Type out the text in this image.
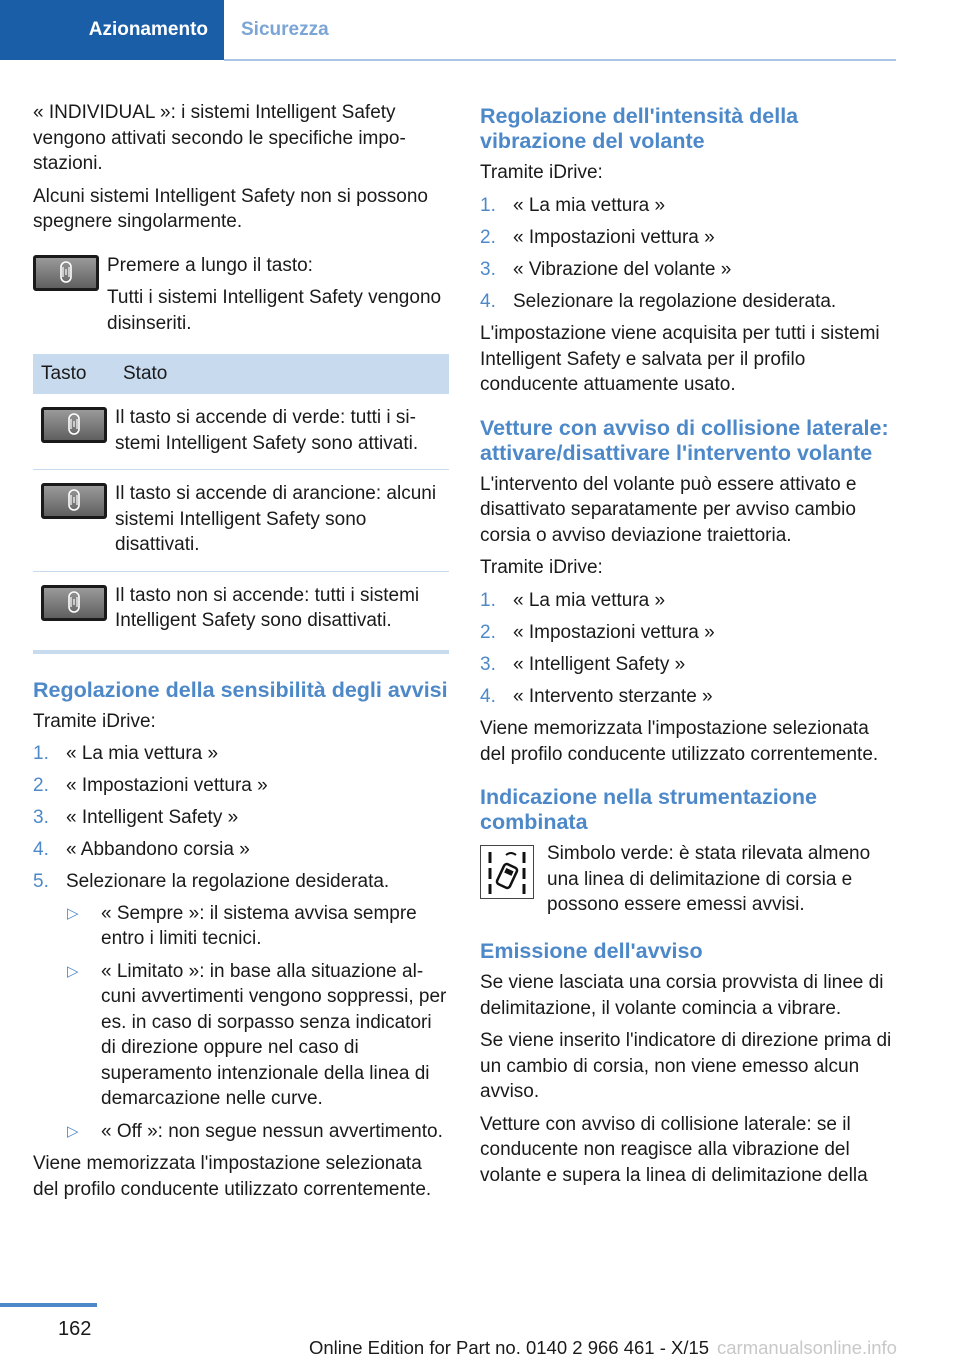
Azionamento	Sicurezza

« INDIVIDUAL »: i sistemi Intelligent Safety vengono attivati secondo le specifiche impostazioni.

Alcuni sistemi Intelligent Safety non si possono spegnere singolarmente.

Premere a lungo il tasto:

Tutti i sistemi Intelligent Safety vengono disinseriti.

Tasto	Stato

	Il tasto si accende di verde: tutti i sistemi Intelligent Safety sono attivati.

	Il tasto si accende di arancione: alcuni sistemi Intelligent Safety sono disattivati.

	Il tasto non si accende: tutti i sistemi Intelligent Safety sono disattivati.
Regolazione della sensibilità degli avvisi

Tramite iDrive:

1. « La mia vettura »
2. « Impostazioni vettura »
3. « Intelligent Safety »
4. « Abbandono corsia »
5. Selezionare la regolazione desiderata.
▷ « Sempre »: il sistema avvisa sempre entro i limiti tecnici.
▷ « Limitato »: in base alla situazione alcuni avvertimenti vengono soppressi, per es. in caso di sorpasso senza indicatori di direzione oppure nel caso di superamento intenzionale della linea di demarcazione nelle curve.
▷ « Off »: non segue nessun avvertimento.

Viene memorizzata l'impostazione selezionata del profilo conducente utilizzato correntemente.

Regolazione dell'intensità della vibrazione del volante

Tramite iDrive:

1. « La mia vettura »
2. « Impostazioni vettura »
3. « Vibrazione del volante »
4. Selezionare la regolazione desiderata.

L'impostazione viene acquisita per tutti i sistemi Intelligent Safety e salvata per il profilo conducente attuamente usato.

Vetture con avviso di collisione laterale: attivare/disattivare l'intervento volante

L'intervento del volante può essere attivato e disattivato separatamente per avviso cambio corsia o avviso deviazione traiettoria.

Tramite iDrive:

1. « La mia vettura »
2. « Impostazioni vettura »
3. « Intelligent Safety »
4. « Intervento sterzante »

Viene memorizzata l'impostazione selezionata del profilo conducente utilizzato correntemente.

Indicazione nella strumentazione combinata

Simbolo verde: è stata rilevata almeno una linea di delimitazione di corsia e possono essere emessi avvisi.

Emissione dell'avviso

Se viene lasciata una corsia provvista di linee di delimitazione, il volante comincia a vibrare.

Se viene inserito l'indicatore di direzione prima di un cambio di corsia, non viene emesso alcun avviso.

Vetture con avviso di collisione laterale: se il conducente non reagisce alla vibrazione del volante e supera la linea di delimitazione della

162
Online Edition for Part no. 0140 2 966 461 - X/15 carmanualsonline.info
